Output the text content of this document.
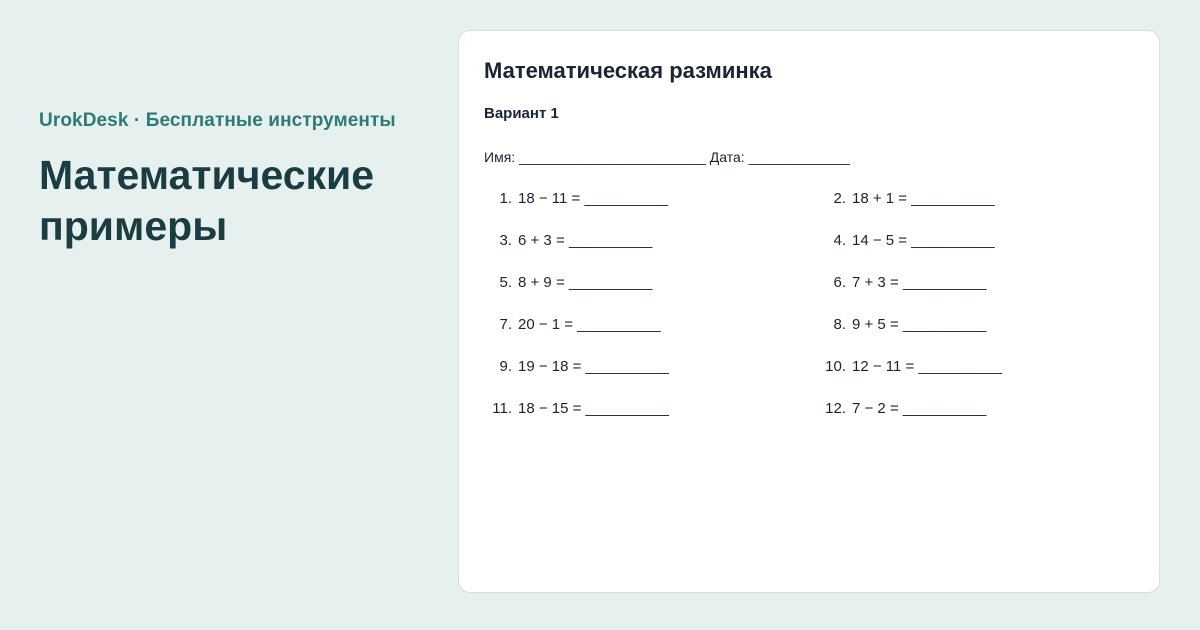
UrokDesk · Бесплатные инструменты
Математические примеры
Математическая разминка
Вариант 1
Имя: ________________________ Дата: _____________
1. 18 − 11 = __________	2. 18 + 1 = __________
3. 6 + 3 = __________	4. 14 − 5 = __________
5. 8 + 9 = __________	6. 7 + 3 = __________
7. 20 − 1 = __________	8. 9 + 5 = __________
9. 19 − 18 = __________	10. 12 − 11 = __________
11. 18 − 15 = __________	12. 7 − 2 = __________
